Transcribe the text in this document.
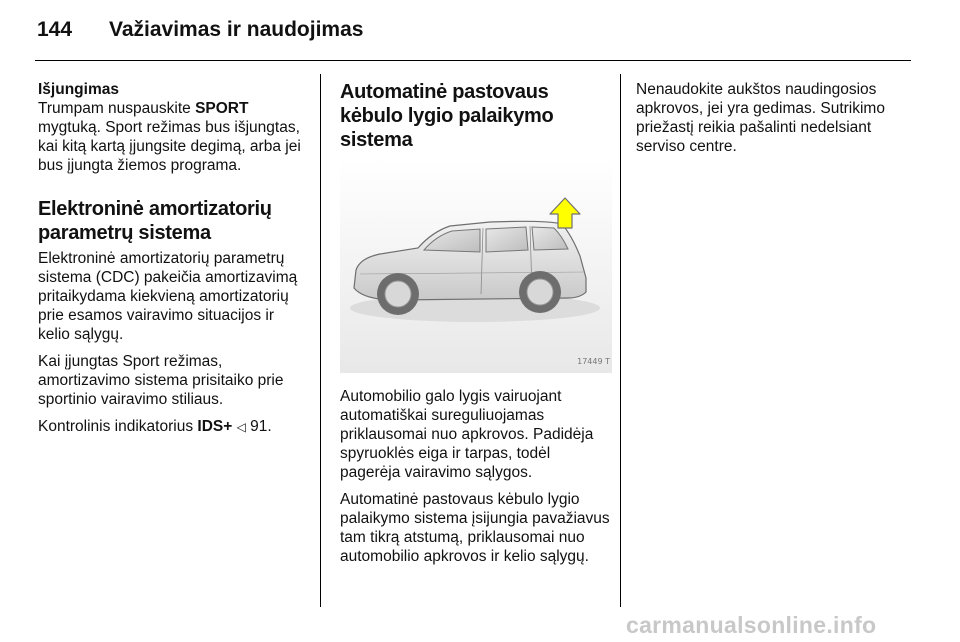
144 Važiavimas ir naudojimas
Išjungimas

Trumpam nuspauskite SPORT mygtuką. Sport režimas bus išjungtas, kai kitą kartą įjungsite degimą, arba jei bus įjungta žiemos programa.

Elektroninė amortizatorių parametrų sistema

Elektroninė amortizatorių parametrų sistema (CDC) pakeičia amortizavimą pritaikydama kiekvieną amortizatorių prie esamos vairavimo situacijos ir kelio sąlygų.

Kai įjungtas Sport režimas, amortizavimo sistema prisitaiko prie sportinio vairavimo stiliaus.

Kontrolinis indikatorius IDS+ ◁ 91.

Automatinė pastovaus kėbulo lygio palaikymo sistema
17449 T

Automobilio galo lygis vairuojant automatiškai sureguliuojamas priklausomai nuo apkrovos. Padidėja spyruoklės eiga ir tarpas, todėl pagerėja vairavimo sąlygos.

Automatinė pastovaus kėbulo lygio palaikymo sistema įsijungia pavažiavus tam tikrą atstumą, priklausomai nuo automobilio apkrovos ir kelio sąlygų.

Nenaudokite aukštos naudingosios apkrovos, jei yra gedimas. Sutrikimo priežastį reikia pašalinti nedelsiant serviso centre.

carmanualsonline.info
